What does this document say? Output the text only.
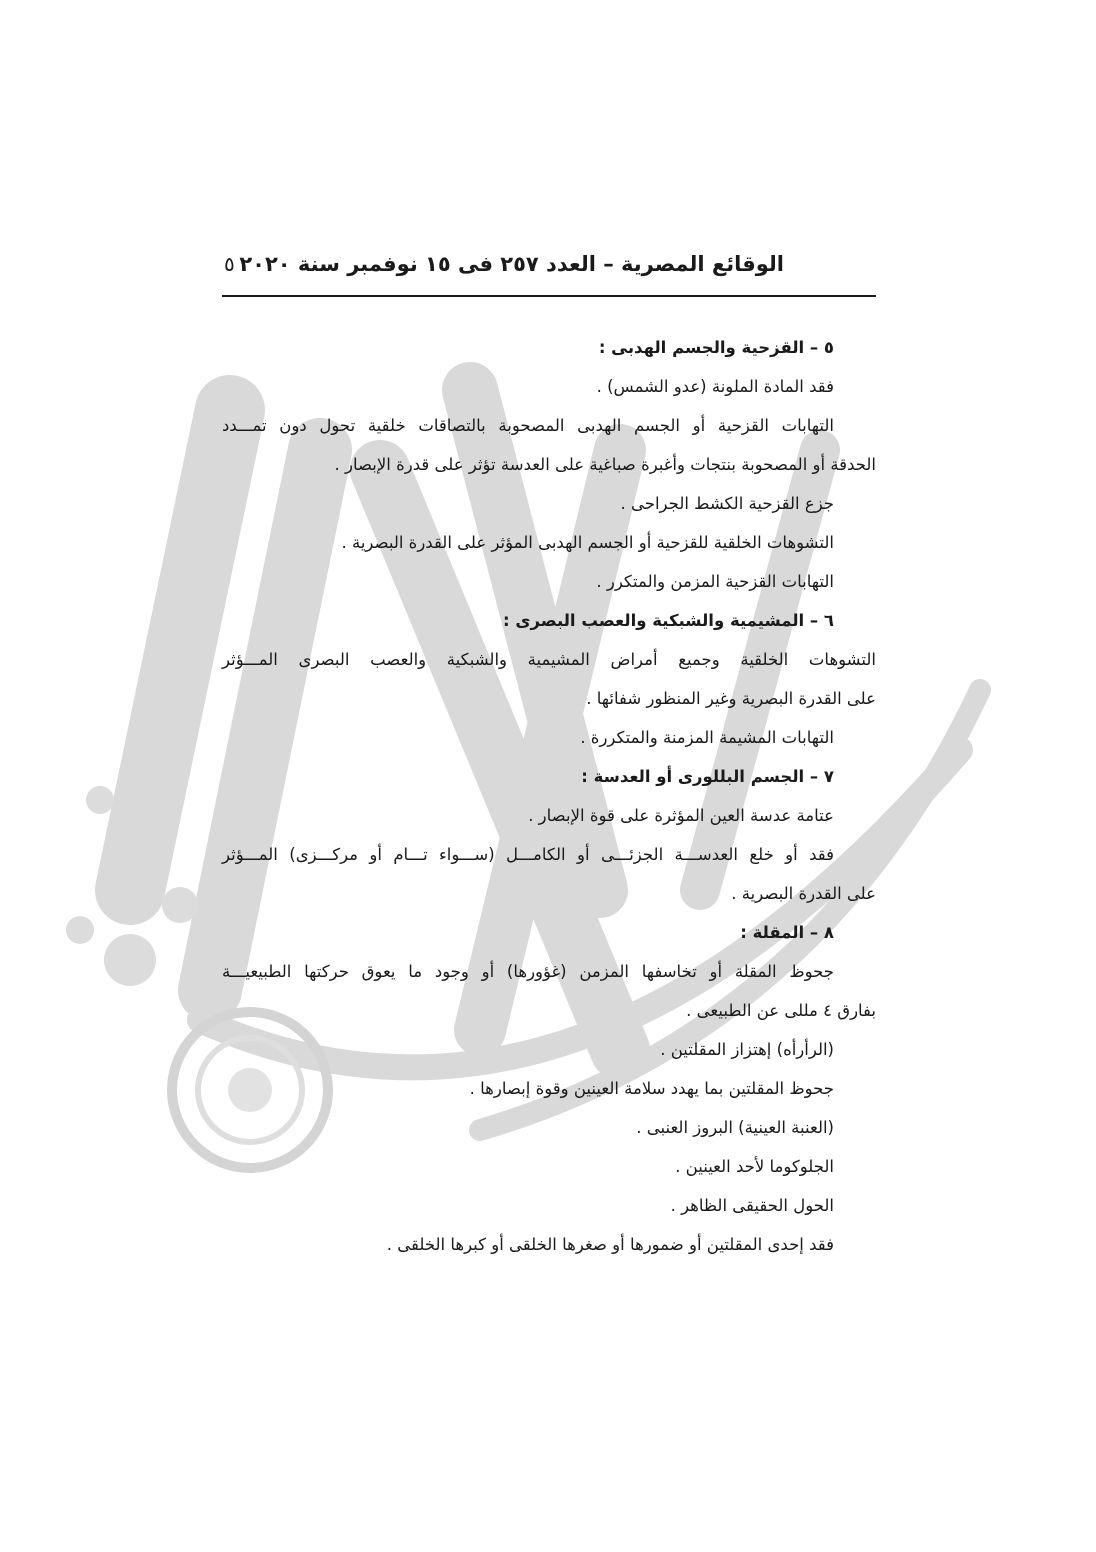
الوقائع المصرية – العدد ٢٥٧ فى ١٥ نوفمبر سنة ٢٠٢٠
٥
٥ – القزحية والجسم الهدبى :
فقد المادة الملونة (عدو الشمس) .
التهابات القزحية أو الجسم الهدبى المصحوبة بالتصاقات خلقية تحول دون تمـــدد
الحدقة أو المصحوبة بنتجات وأغبرة صباغية على العدسة تؤثر على قدرة الإبصار .
جزع القزحية الكشط الجراحى .
التشوهات الخلقية للقزحية أو الجسم الهدبى المؤثر على القدرة البصرية .
التهابات القزحية المزمن والمتكرر .
٦ – المشيمية والشبكية والعصب البصرى :
التشوهات الخلقية وجميع أمراض المشيمية والشبكية والعصب البصرى المـــؤثر
على القدرة البصرية وغير المنظور شفائها .
التهابات المشيمة المزمنة والمتكررة .
٧ – الجسم البللورى أو العدسة :
عتامة عدسة العين المؤثرة على قوة الإبصار .
فقد أو خلع العدســـة الجزئـــى أو الكامـــل (ســـواء تـــام أو مركـــزى) المـــؤثر
على القدرة البصرية .
٨ – المقلة :
جحوظ المقلة أو تخاسفها المزمن (غؤورها) أو وجود ما يعوق حركتها الطبيعيـــة
بفارق ٤ مللى عن الطبيعى .
(الرأرأه) إهتزاز المقلتين .
جحوظ المقلتين بما يهدد سلامة العينين وقوة إبصارها .
(العنبة العينية) البروز العنبى .
الجلوكوما لأحد العينين .
الحول الحقيقى الظاهر .
فقد إحدى المقلتين أو ضمورها أو صغرها الخلقى أو كبرها الخلقى .
